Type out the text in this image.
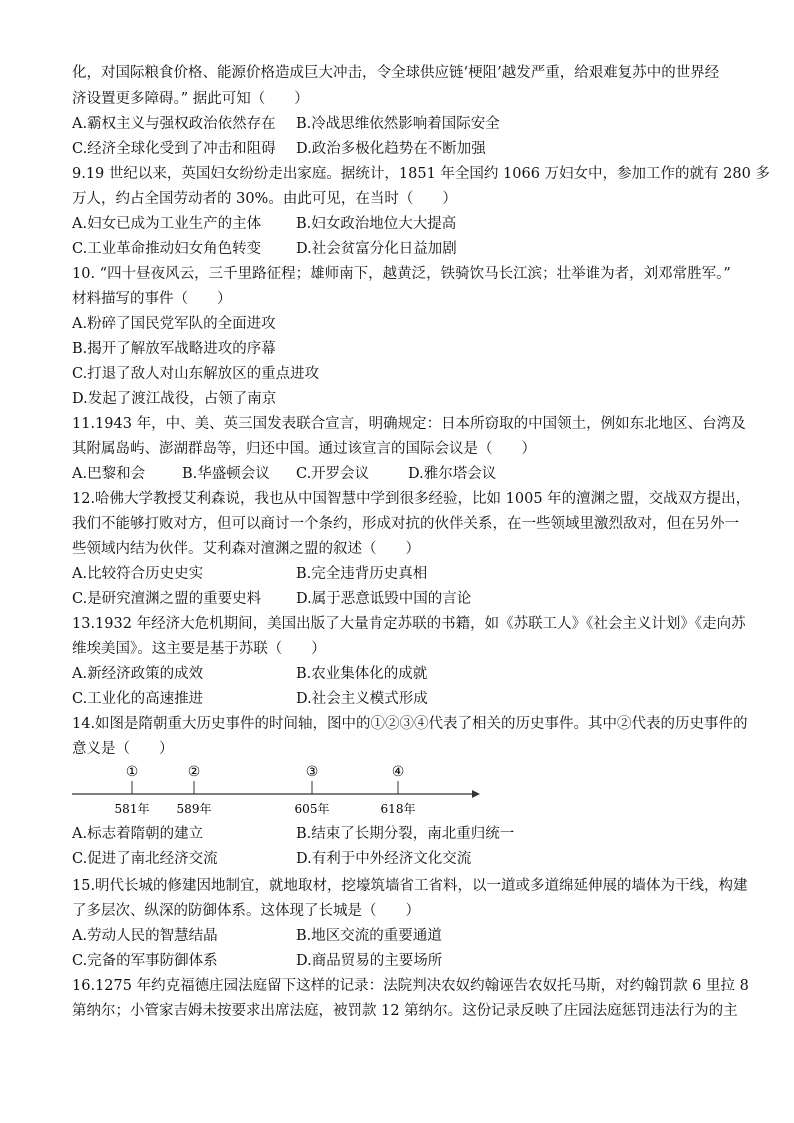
化，对国际粮食价格、能源价格造成巨大冲击，令全球供应链‘梗阻’越发严重，给艰难复苏中的世界经
济设置更多障碍。” 据此可知（　　）
A.霸权主义与强权政治依然存在 B.冷战思维依然影响着国际安全
C.经济全球化受到了冲击和阻碍 D.政治多极化趋势在不断加强
9.19 世纪以来，英国妇女纷纷走出家庭。据统计，1851 年全国约 1066 万妇女中，参加工作的就有 280 多
万人，约占全国劳动者的 30%。由此可见，在当时（　　）
A.妇女已成为工业生产的主体 B.妇女政治地位大大提高
C.工业革命推动妇女角色转变 D.社会贫富分化日益加剧
10. “四十昼夜风云，三千里路征程；雄师南下，越黄泛，铁骑饮马长江滨；壮举谁为者，刘邓常胜军。”
材料描写的事件（　　）
A.粉碎了国民党军队的全面进攻
B.揭开了解放军战略进攻的序幕
C.打退了敌人对山东解放区的重点进攻
D.发起了渡江战役，占领了南京
11.1943 年，中、美、英三国发表联合宣言，明确规定：日本所窃取的中国领土，例如东北地区、台湾及
其附属岛屿、澎湖群岛等，归还中国。通过该宣言的国际会议是（　　）
A.巴黎和会	B.华盛顿会议 C.开罗会议	D.雅尔塔会议
12.哈佛大学教授艾利森说，我也从中国智慧中学到很多经验，比如 1005 年的澶渊之盟，交战双方提出，
我们不能够打败对方，但可以商讨一个条约，形成对抗的伙伴关系，在一些领域里激烈敌对，但在另外一
些领域内结为伙伴。艾利森对澶渊之盟的叙述（　　）
A.比较符合历史史实	B.完全违背历史真相
C.是研究澶渊之盟的重要史料 D.属于恶意诋毁中国的言论
13.1932 年经济大危机期间，美国出版了大量肯定苏联的书籍，如《苏联工人》《社会主义计划》《走向苏
维埃美国》。这主要是基于苏联（　　）
A.新经济政策的成效	B.农业集体化的成就
C.工业化的高速推进	D.社会主义模式形成
14.如图是隋朝重大历史事件的时间轴，图中的①②③④代表了相关的历史事件。其中②代表的历史事件的
意义是（　　）
①
581年
②
589年
③
605年
④
618年
A.标志着隋朝的建立	B.结束了长期分裂，南北重归统一
C.促进了南北经济交流	D.有利于中外经济文化交流
15.明代长城的修建因地制宜，就地取材，挖壕筑墙省工省料，以一道或多道绵延伸展的墙体为干线，构建
了多层次、纵深的防御体系。这体现了长城是（　　）
A.劳动人民的智慧结晶	B.地区交流的重要通道
C.完备的军事防御体系	D.商品贸易的主要场所
16.1275 年约克福德庄园法庭留下这样的记录：法院判决农奴约翰诬告农奴托马斯，对约翰罚款 6 里拉 8
第纳尔；小管家吉姆未按要求出席法庭，被罚款 12 第纳尔。这份记录反映了庄园法庭惩罚违法行为的主
